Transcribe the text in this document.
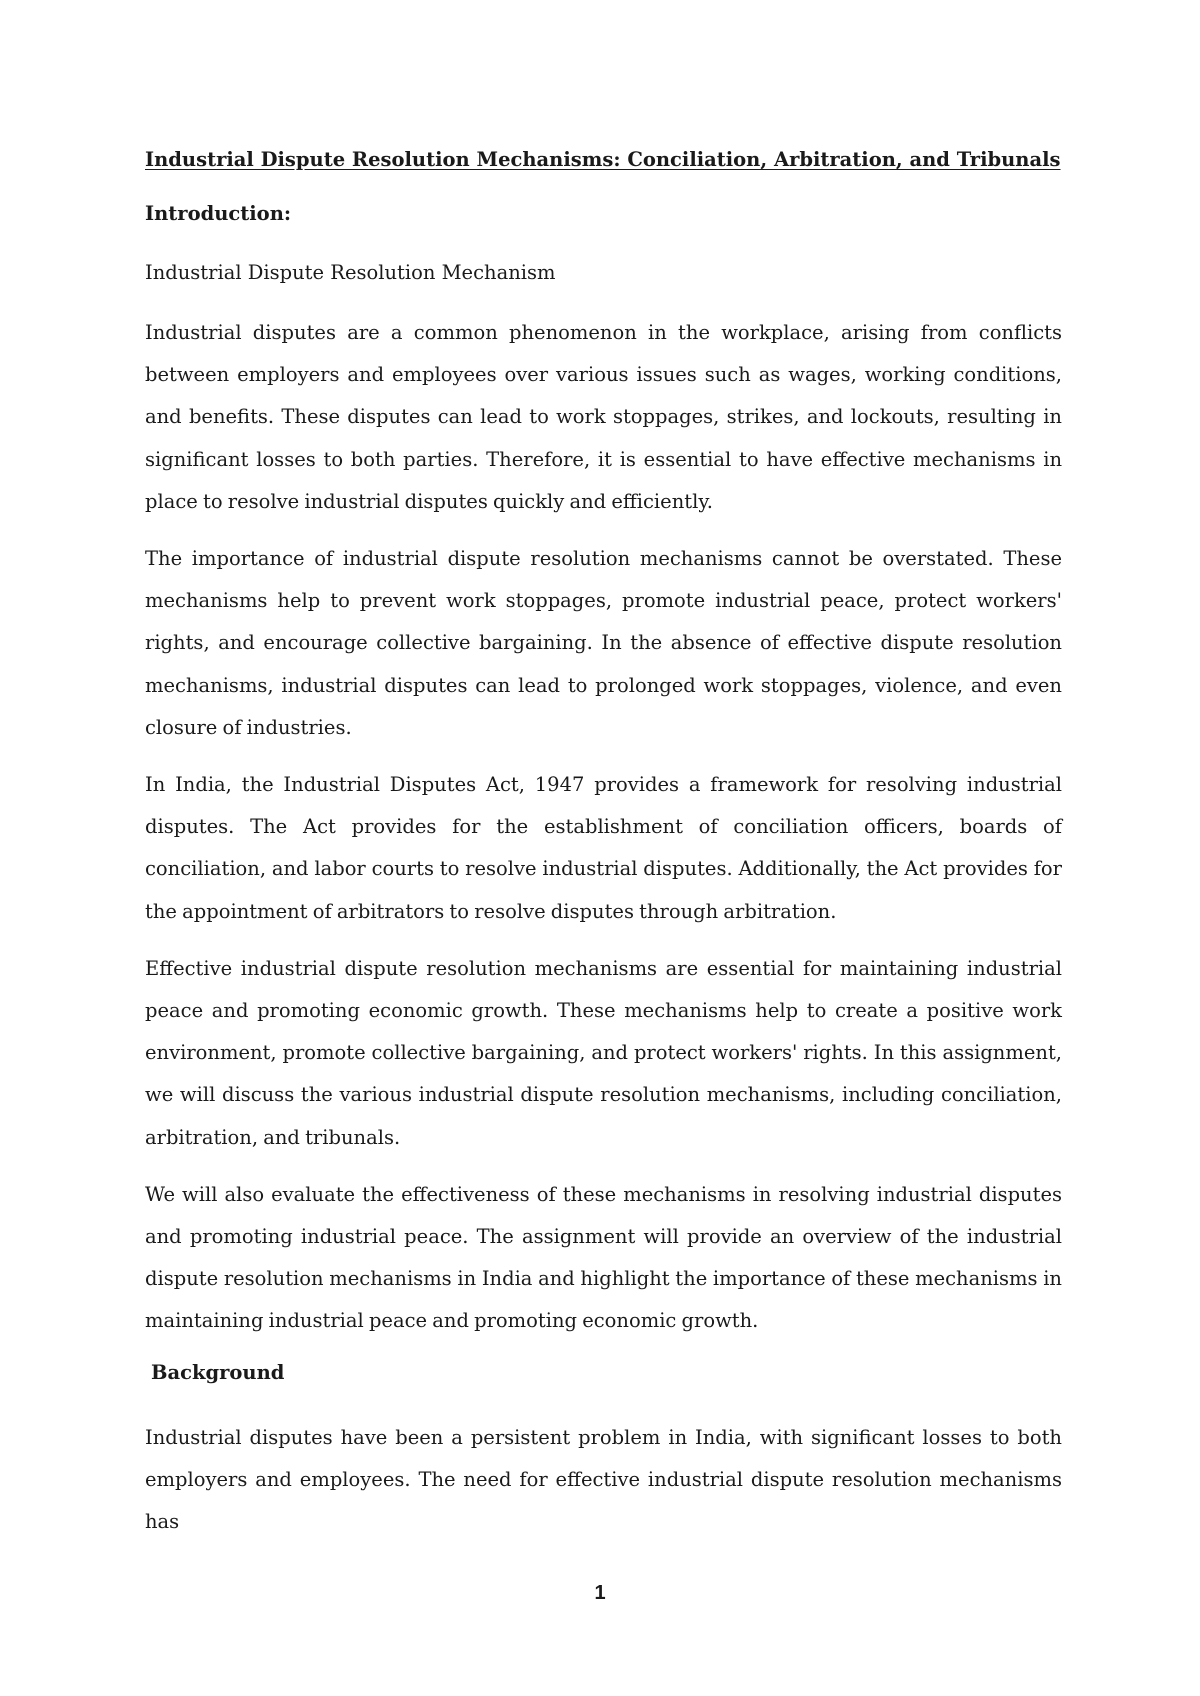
Industrial Dispute Resolution Mechanisms: Conciliation, Arbitration, and Tribunals

Introduction:

Industrial Dispute Resolution Mechanism

Industrial disputes are a common phenomenon in the workplace, arising from conflicts between employers and employees over various issues such as wages, working conditions, and benefits. These disputes can lead to work stoppages, strikes, and lockouts, resulting in significant losses to both parties. Therefore, it is essential to have effective mechanisms in place to resolve industrial disputes quickly and efficiently.

The importance of industrial dispute resolution mechanisms cannot be overstated. These mechanisms help to prevent work stoppages, promote industrial peace, protect workers' rights, and encourage collective bargaining. In the absence of effective dispute resolution mechanisms, industrial disputes can lead to prolonged work stoppages, violence, and even closure of industries.

In India, the Industrial Disputes Act, 1947 provides a framework for resolving industrial disputes. The Act provides for the establishment of conciliation officers, boards of conciliation, and labor courts to resolve industrial disputes. Additionally, the Act provides for the appointment of arbitrators to resolve disputes through arbitration.

Effective industrial dispute resolution mechanisms are essential for maintaining industrial peace and promoting economic growth. These mechanisms help to create a positive work environment, promote collective bargaining, and protect workers' rights. In this assignment, we will discuss the various industrial dispute resolution mechanisms, including conciliation, arbitration, and tribunals.

We will also evaluate the effectiveness of these mechanisms in resolving industrial disputes and promoting industrial peace. The assignment will provide an overview of the industrial dispute resolution mechanisms in India and highlight the importance of these mechanisms in maintaining industrial peace and promoting economic growth.

Background

Industrial disputes have been a persistent problem in India, with significant losses to both employers and employees. The need for effective industrial dispute resolution mechanisms has

1
